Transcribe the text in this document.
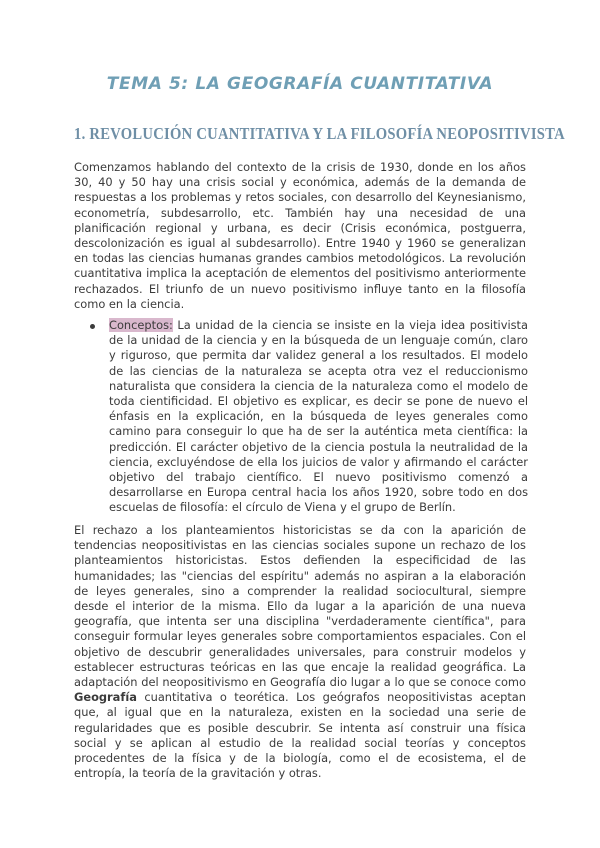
TEMA 5: LA GEOGRAFÍA CUANTITATIVA
1. REVOLUCIÓN CUANTITATIVA Y LA FILOSOFÍA NEOPOSITIVISTA

Comenzamos hablando del contexto de la crisis de 1930, donde en los años 30, 40 y 50 hay una crisis social y económica, además de la demanda de respuestas a los problemas y retos sociales, con desarrollo del Keynesianismo, econometría, subdesarrollo, etc. También hay una necesidad de una planificación regional y urbana, es decir (Crisis económica, postguerra, descolonización es igual al subdesarrollo). Entre 1940 y 1960 se generalizan en todas las ciencias humanas grandes cambios metodológicos. La revolución cuantitativa implica la aceptación de elementos del positivismo anteriormente rechazados. El triunfo de un nuevo positivismo influye tanto en la filosofía como en la ciencia.

Conceptos: La unidad de la ciencia se insiste en la vieja idea positivista de la unidad de la ciencia y en la búsqueda de un lenguaje común, claro y riguroso, que permita dar validez general a los resultados. El modelo de las ciencias de la naturaleza se acepta otra vez el reduccionismo naturalista que considera la ciencia de la naturaleza como el modelo de toda cientificidad. El objetivo es explicar, es decir se pone de nuevo el énfasis en la explicación, en la búsqueda de leyes generales como camino para conseguir lo que ha de ser la auténtica meta científica: la predicción. El carácter objetivo de la ciencia postula la neutralidad de la ciencia, excluyéndose de ella los juicios de valor y afirmando el carácter objetivo del trabajo científico. El nuevo positivismo comenzó a desarrollarse en Europa central hacia los años 1920, sobre todo en dos escuelas de filosofía: el círculo de Viena y el grupo de Berlín.

El rechazo a los planteamientos historicistas se da con la aparición de tendencias neopositivistas en las ciencias sociales supone un rechazo de los planteamientos historicistas. Estos defienden la especificidad de las humanidades; las "ciencias del espíritu" además no aspiran a la elaboración de leyes generales, sino a comprender la realidad sociocultural, siempre desde el interior de la misma. Ello da lugar a la aparición de una nueva geografía, que intenta ser una disciplina "verdaderamente científica", para conseguir formular leyes generales sobre comportamientos espaciales. Con el objetivo de descubrir generalidades universales, para construir modelos y establecer estructuras teóricas en las que encaje la realidad geográfica. La adaptación del neopositivismo en Geografía dio lugar a lo que se conoce como Geografía cuantitativa o teorética. Los geógrafos neopositivistas aceptan que, al igual que en la naturaleza, existen en la sociedad una serie de regularidades que es posible descubrir. Se intenta así construir una física social y se aplican al estudio de la realidad social teorías y conceptos procedentes de la física y de la biología, como el de ecosistema, el de entropía, la teoría de la gravitación y otras.
